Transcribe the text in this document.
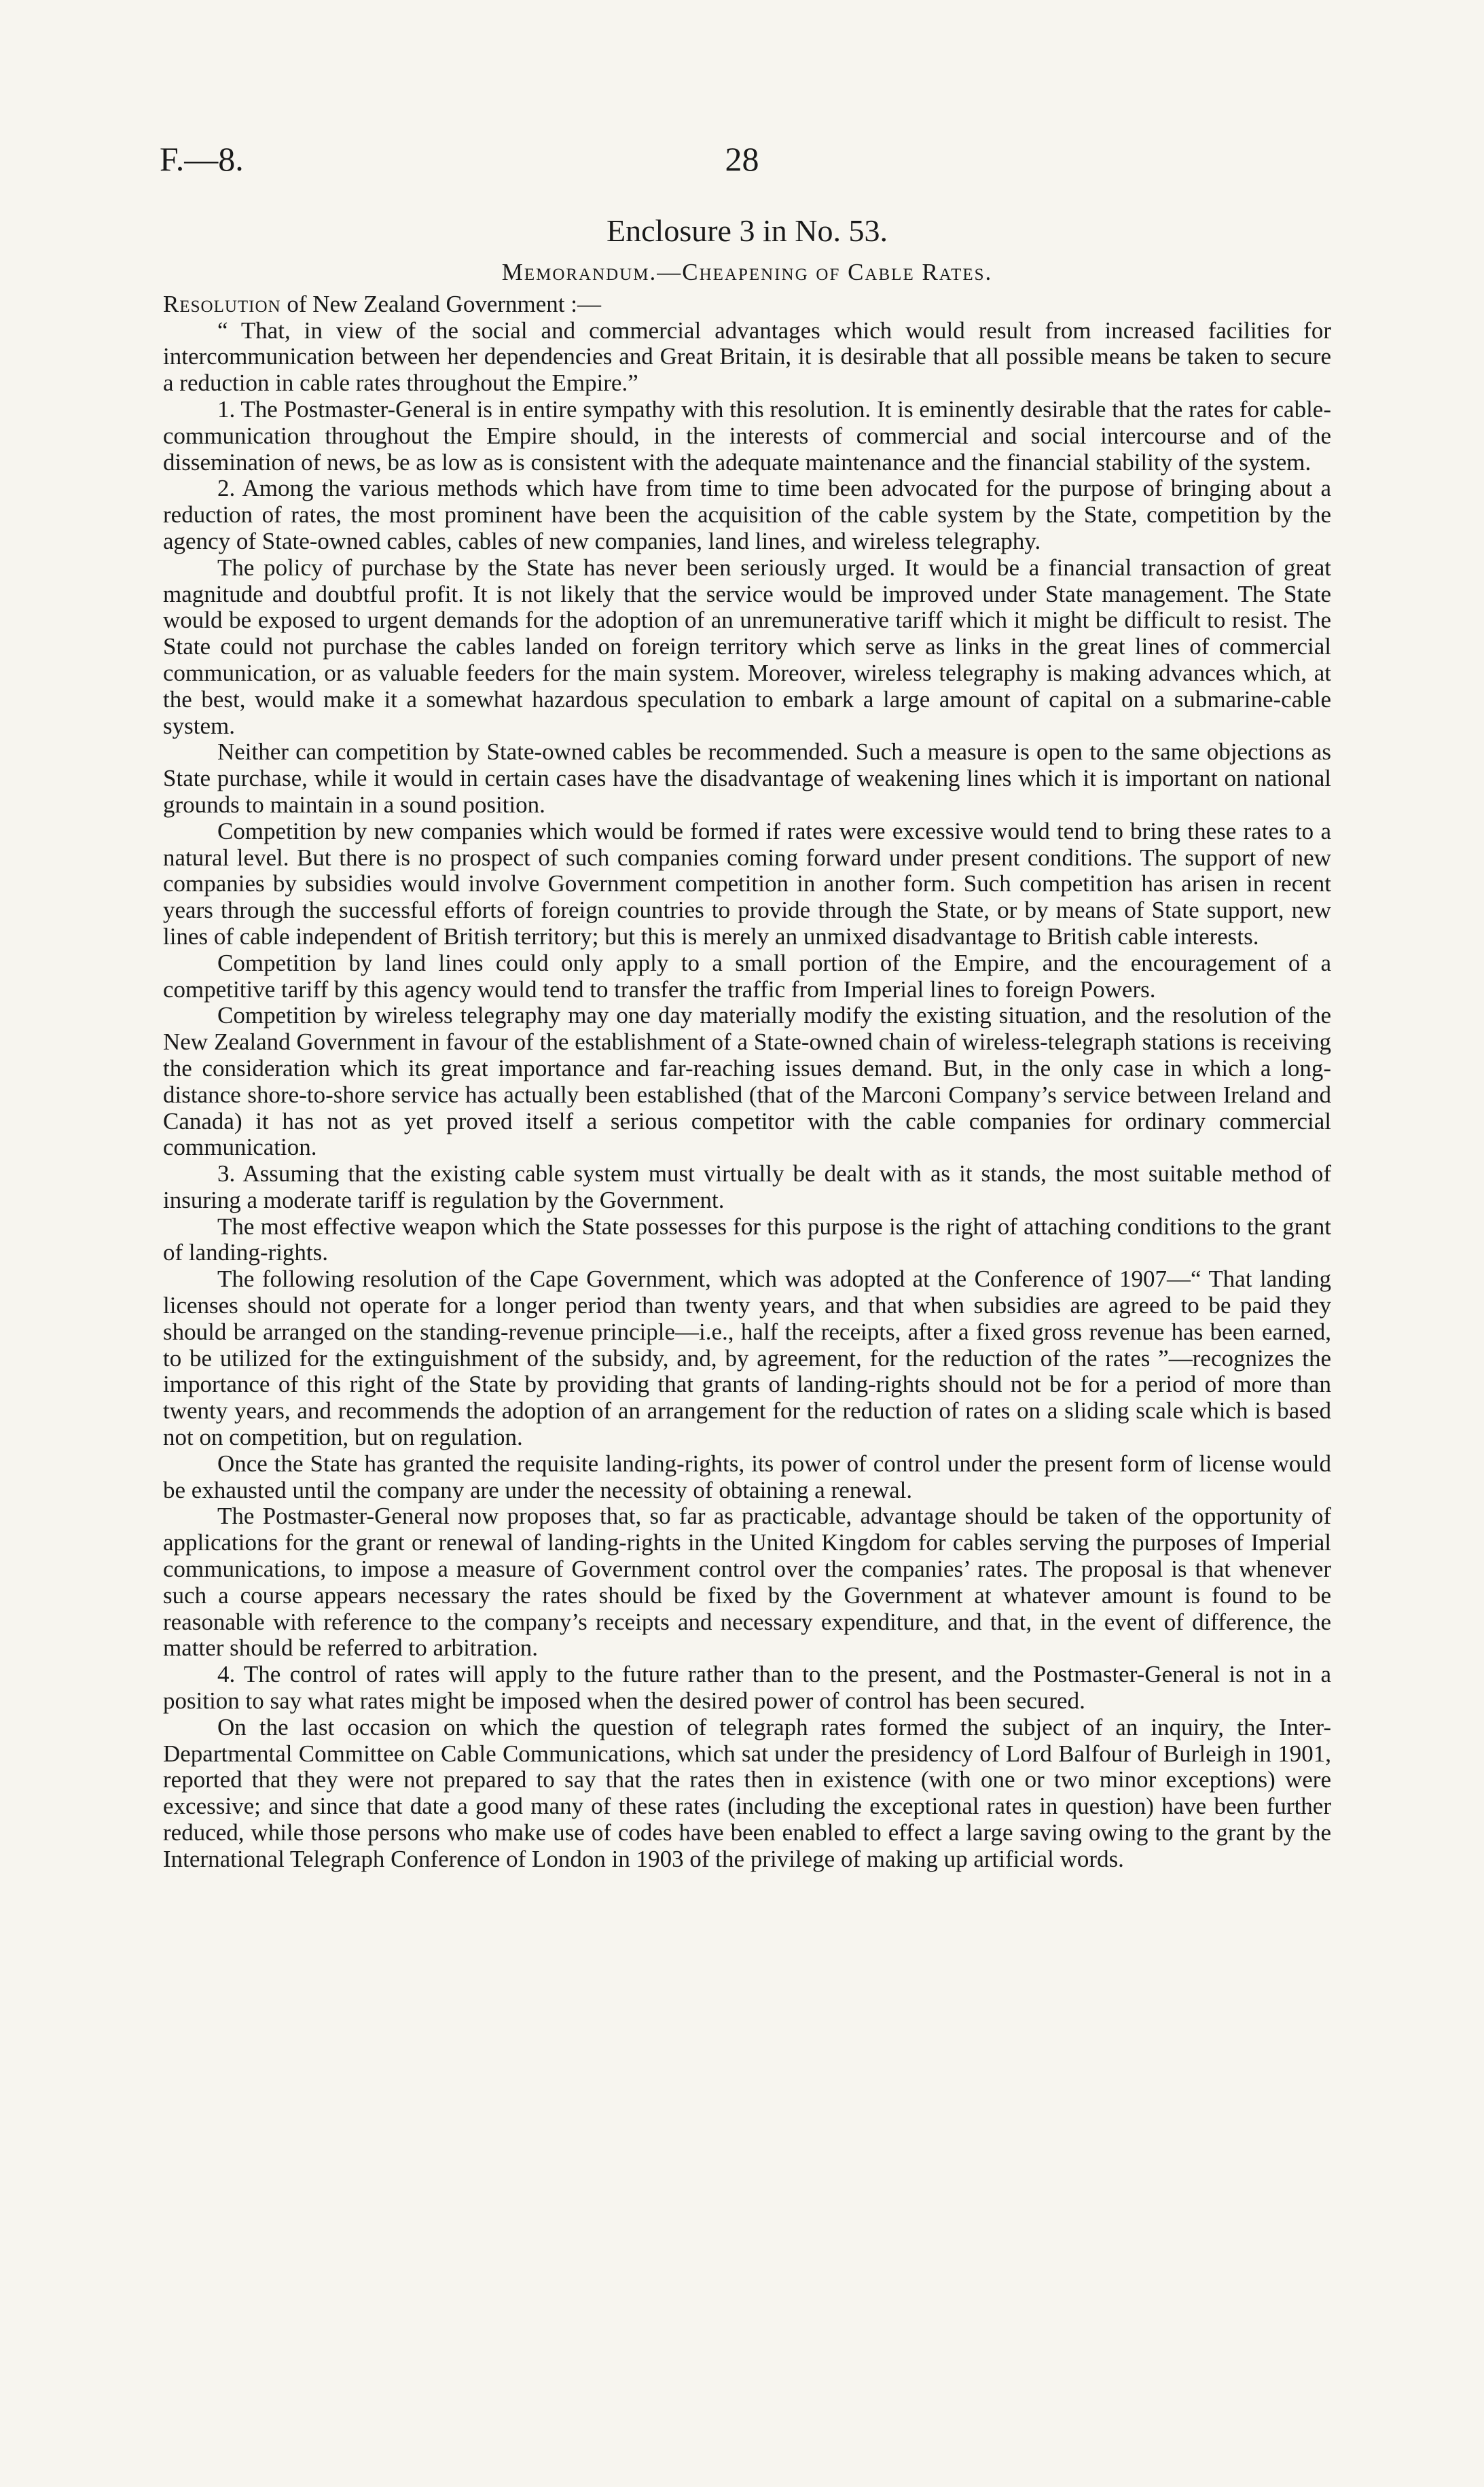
F.—8.	28
Enclosure 3 in No. 53.
Memorandum.—Cheapening of Cable Rates.
Resolution of New Zealand Government :—

“ That, in view of the social and commercial advantages which would result from increased facilities for intercommunication between her dependencies and Great Britain, it is desirable that all possible means be taken to secure a reduction in cable rates throughout the Empire.”

1. The Postmaster-General is in entire sympathy with this resolution. It is eminently desirable that the rates for cable-communication throughout the Empire should, in the interests of commercial and social intercourse and of the dissemination of news, be as low as is consistent with the adequate maintenance and the financial stability of the system.

2. Among the various methods which have from time to time been advocated for the purpose of bringing about a reduction of rates, the most prominent have been the acquisition of the cable system by the State, competition by the agency of State-owned cables, cables of new companies, land lines, and wireless telegraphy.

The policy of purchase by the State has never been seriously urged. It would be a financial transaction of great magnitude and doubtful profit. It is not likely that the service would be improved under State management. The State would be exposed to urgent demands for the adoption of an unremunerative tariff which it might be difficult to resist. The State could not purchase the cables landed on foreign territory which serve as links in the great lines of commercial communication, or as valuable feeders for the main system. Moreover, wireless telegraphy is making advances which, at the best, would make it a somewhat hazardous speculation to embark a large amount of capital on a submarine-cable system.

Neither can competition by State-owned cables be recommended. Such a measure is open to the same objections as State purchase, while it would in certain cases have the disadvantage of weakening lines which it is important on national grounds to maintain in a sound position.

Competition by new companies which would be formed if rates were excessive would tend to bring these rates to a natural level. But there is no prospect of such companies coming forward under present conditions. The support of new companies by subsidies would involve Government competition in another form. Such competition has arisen in recent years through the successful efforts of foreign countries to provide through the State, or by means of State support, new lines of cable independent of British territory; but this is merely an unmixed disadvantage to British cable interests.

Competition by land lines could only apply to a small portion of the Empire, and the encouragement of a competitive tariff by this agency would tend to transfer the traffic from Imperial lines to foreign Powers.

Competition by wireless telegraphy may one day materially modify the existing situation, and the resolution of the New Zealand Government in favour of the establishment of a State-owned chain of wireless-telegraph stations is receiving the consideration which its great importance and far-reaching issues demand. But, in the only case in which a long-distance shore-to-shore service has actually been established (that of the Marconi Company’s service between Ireland and Canada) it has not as yet proved itself a serious competitor with the cable companies for ordinary commercial communication.

3. Assuming that the existing cable system must virtually be dealt with as it stands, the most suitable method of insuring a moderate tariff is regulation by the Government.

The most effective weapon which the State possesses for this purpose is the right of attaching conditions to the grant of landing-rights.

The following resolution of the Cape Government, which was adopted at the Conference of 1907—“ That landing licenses should not operate for a longer period than twenty years, and that when subsidies are agreed to be paid they should be arranged on the standing-revenue principle—i.e., half the receipts, after a fixed gross revenue has been earned, to be utilized for the extinguishment of the subsidy, and, by agreement, for the reduction of the rates ”—recognizes the importance of this right of the State by providing that grants of landing-rights should not be for a period of more than twenty years, and recommends the adoption of an arrangement for the reduction of rates on a sliding scale which is based not on competition, but on regulation.

Once the State has granted the requisite landing-rights, its power of control under the present form of license would be exhausted until the company are under the necessity of obtaining a renewal.

The Postmaster-General now proposes that, so far as practicable, advantage should be taken of the opportunity of applications for the grant or renewal of landing-rights in the United Kingdom for cables serving the purposes of Imperial communications, to impose a measure of Government control over the companies’ rates. The proposal is that whenever such a course appears necessary the rates should be fixed by the Government at whatever amount is found to be reasonable with reference to the company’s receipts and necessary expenditure, and that, in the event of difference, the matter should be referred to arbitration.

4. The control of rates will apply to the future rather than to the present, and the Postmaster-General is not in a position to say what rates might be imposed when the desired power of control has been secured.

On the last occasion on which the question of telegraph rates formed the subject of an inquiry, the Inter-Departmental Committee on Cable Communications, which sat under the presidency of Lord Balfour of Burleigh in 1901, reported that they were not prepared to say that the rates then in existence (with one or two minor exceptions) were excessive; and since that date a good many of these rates (including the exceptional rates in question) have been further reduced, while those persons who make use of codes have been enabled to effect a large saving owing to the grant by the International Telegraph Conference of London in 1903 of the privilege of making up artificial words.
